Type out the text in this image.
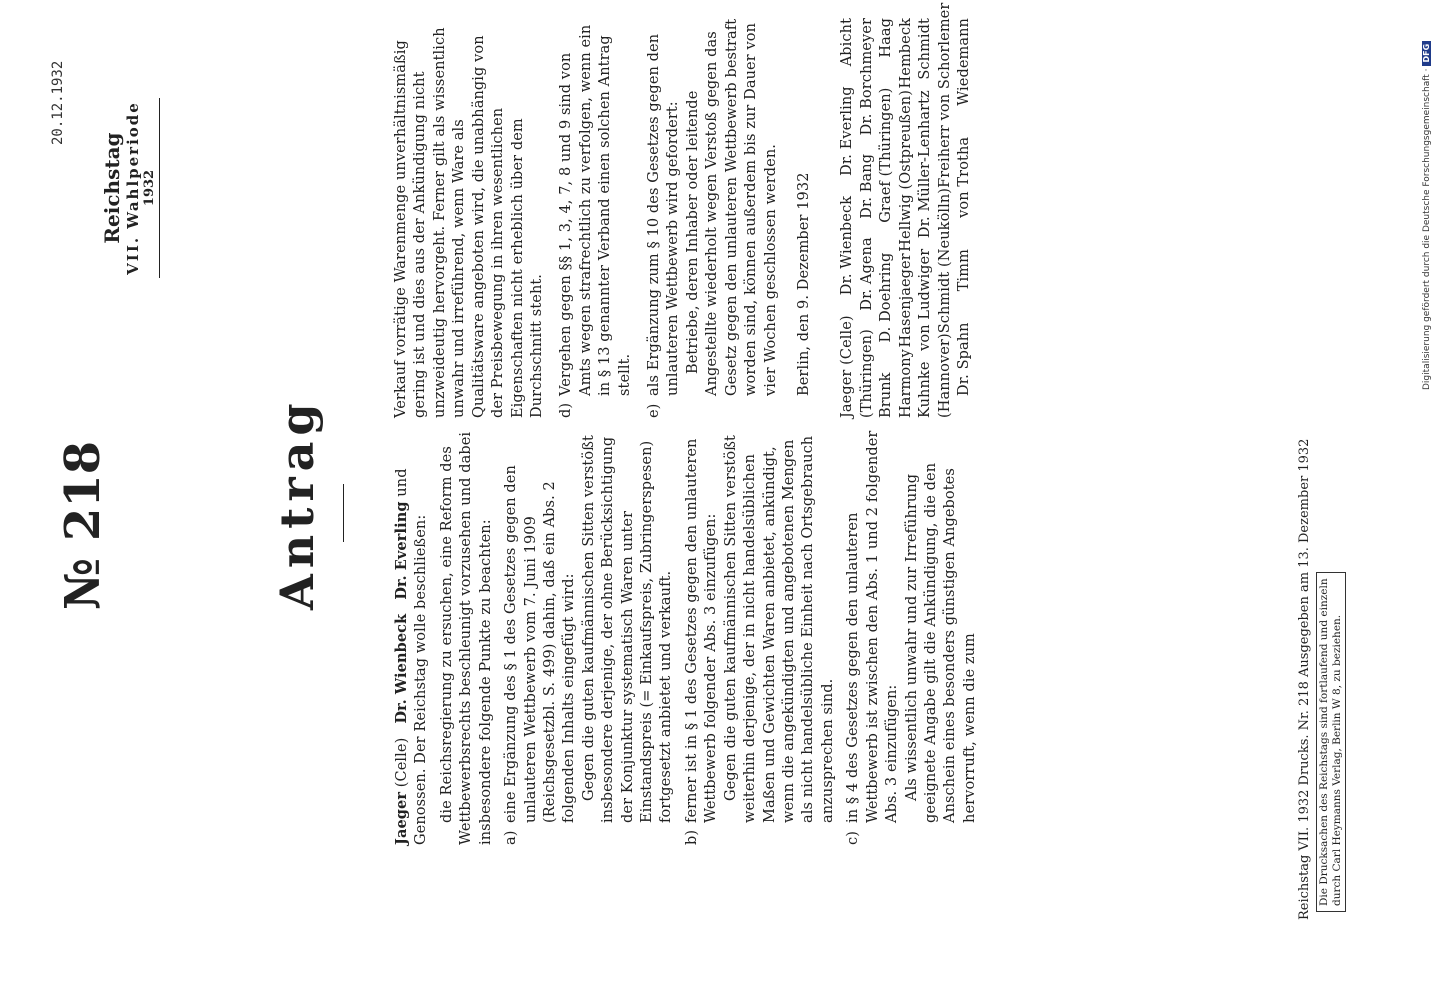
20.12.1932
Reichstag VII. Wahlperiode 1932
№ 218	Antrag

Jaeger (Celle)   Dr. Wienbeck   Dr. Everling und Genossen. Der Reichstag wolle beschließen: die Reichsregierung zu ersuchen, eine Reform des Wettbewerbsrechts beschleunigt vorzusehen und dabei insbesondere folgende Punkte zu beachten: a)
eine Ergänzung des § 1 des Gesetzes gegen den unlauteren Wettbewerb vom 7. Juni 1909 (Reichsgesetzbl. S. 499) dahin, daß ein Abs. 2 folgenden Inhalts eingefügt wird: Gegen die guten kaufmännischen Sitten verstößt insbesondere derjenige, der ohne Berücksichtigung der Konjunktur systematisch Waren unter Einstandspreis (= Einkaufspreis, Zubringerspesen) fortgesetzt anbietet und verkauft.
b)
ferner ist in § 1 des Gesetzes gegen den unlauteren Wettbewerb folgender Abs. 3 einzufügen: Gegen die guten kaufmännischen Sitten verstößt weiterhin derjenige, der in nicht handelsüblichen Maßen und Gewichten Waren anbietet, ankündigt, wenn die angekündigten und angebotenen Mengen als nicht handelsübliche Einheit nach Ortsgebrauch anzusprechen sind.
c)
in § 4 des Gesetzes gegen den unlauteren Wettbewerb ist zwischen den Abs. 1 und 2 folgender Abs. 3 einzufügen: Als wissentlich unwahr und zur Irreführung geeignete Angabe gilt die Ankündigung, die den Anschein eines besonders günstigen Angebotes hervorruft, wenn die zum

Verkauf vorrätige Warenmenge unverhältnismäßig gering ist und dies aus der Ankündigung nicht unzweideutig hervorgeht. Ferner gilt als wissentlich unwahr und irreführend, wenn Ware als Qualitätsware angeboten wird, die unabhängig von der Preisbewegung in ihren wesentlichen Eigenschaften nicht erheblich über dem Durchschnitt steht. d)
Vergehen gegen §§ 1, 3, 4, 7, 8 und 9 sind von Amts wegen strafrechtlich zu verfolgen, wenn ein in § 13 genannter Verband einen solchen Antrag stellt.
e)
als Ergänzung zum § 10 des Gesetzes gegen den unlauteren Wettbewerb wird gefordert: Betriebe, deren Inhaber oder leitende Angestellte wiederholt wegen Verstoß gegen das Gesetz gegen den unlauteren Wettbewerb bestraft worden sind, können außerdem bis zur Dauer von vier Wochen geschlossen werden. Berlin, den 9. Dezember 1932 Jaeger (Celle)
Dr. Wienbeck
Dr. Everling
Abicht
(Thüringen)
Dr. Agena
Dr. Bang
Dr. Borchmeyer
Brunk
D. Doehring
Graef (Thüringen)
Haag
Harmony
Hasenjaeger
Hellwig (Ostpreußen)
Hembeck
Kuhnke
von Ludwiger
Dr. Müller-Lenhartz
Schmidt
(Hannover)
Schmidt (Neukölln)
Freiherr von Schorlemer
Dr. Spahn
Timm
von Trotha
Wiedemann
Reichstag VII. 1932 Drucks. Nr. 218 Ausgegeben am 13. Dezember 1932 Die Drucksachen des Reichstags sind fortlaufend und einzeln durch Carl Heymanns Verlag, Berlin W 8, zu beziehen.
Digitalisierung gefördert durch die Deutsche Forschungsgemeinschaft ·DFG
